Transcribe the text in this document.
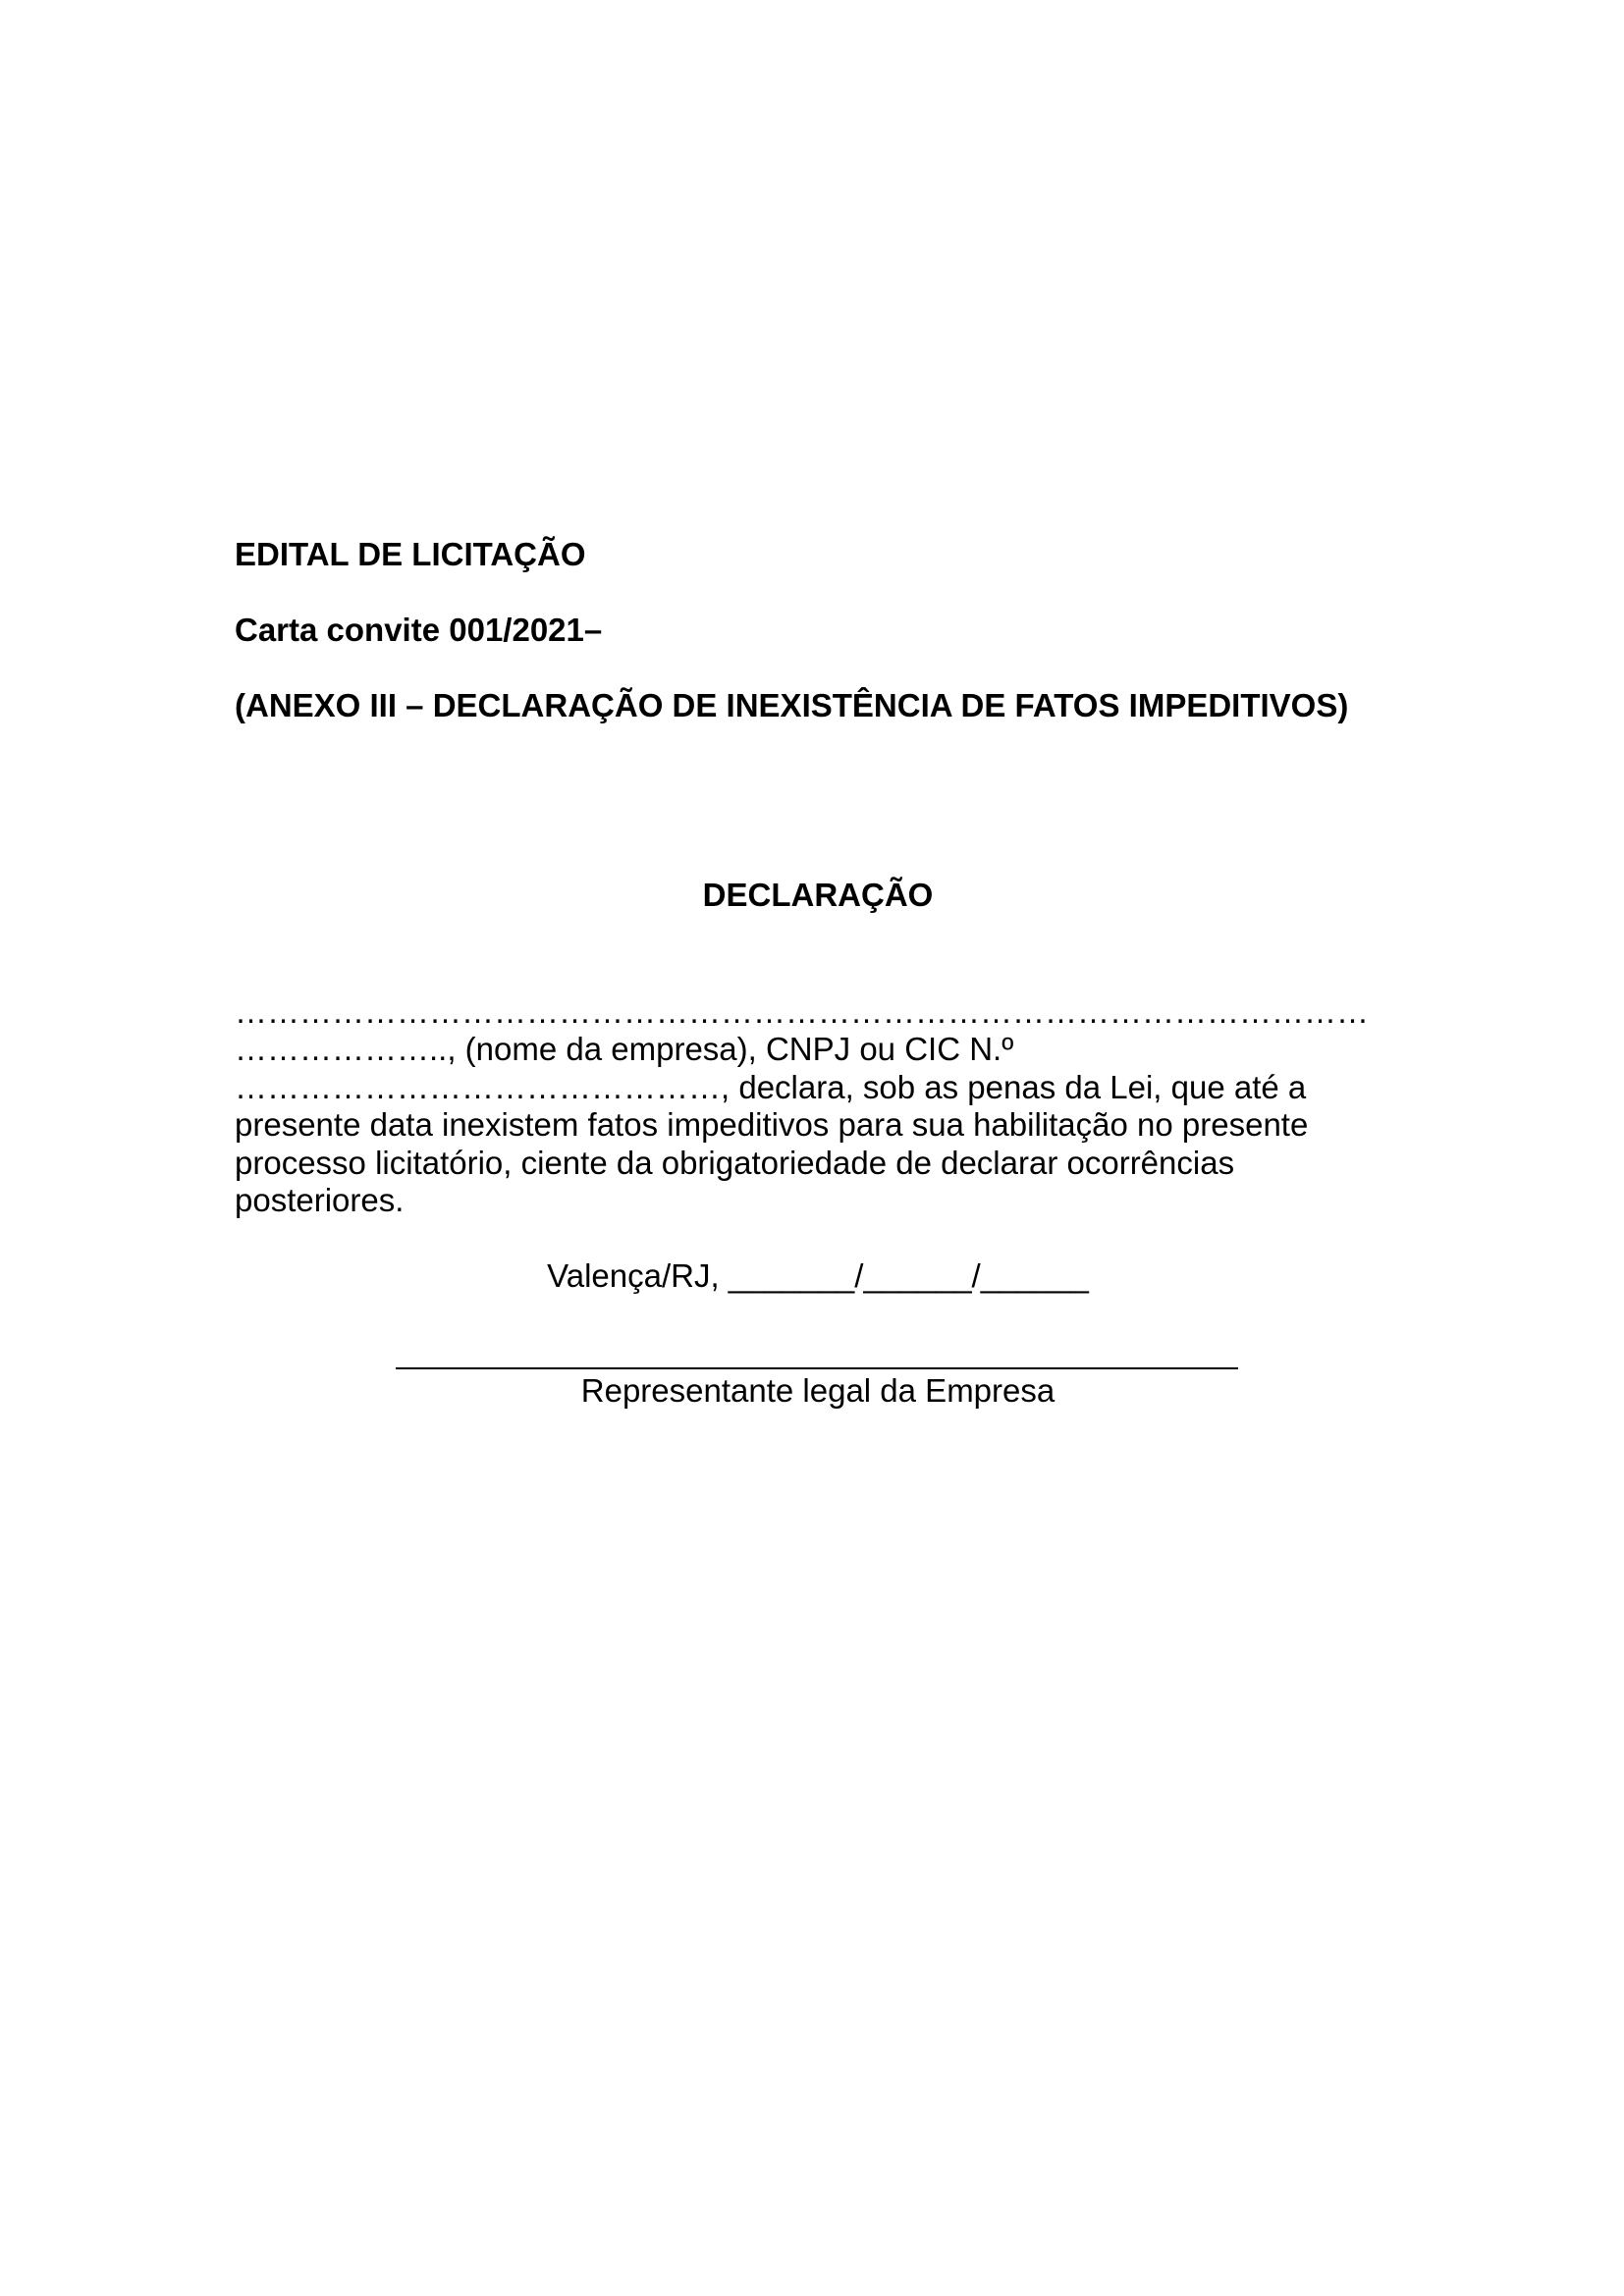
EDITAL DE LICITAÇÃO
Carta convite 001/2021–
(ANEXO III – DECLARAÇÃO DE INEXISTÊNCIA DE FATOS IMPEDITIVOS)
DECLARAÇÃO
……………………………………………………………………………………………
……………….., (nome da empresa), CNPJ ou CIC N.º
………………………………………, declara, sob as penas da Lei, que até a
presente data inexistem fatos impeditivos para sua habilitação no presente
processo licitatório, ciente da obrigatoriedade de declarar ocorrências
posteriores.
Valença/RJ, _______/______/______
Representante legal da Empresa
